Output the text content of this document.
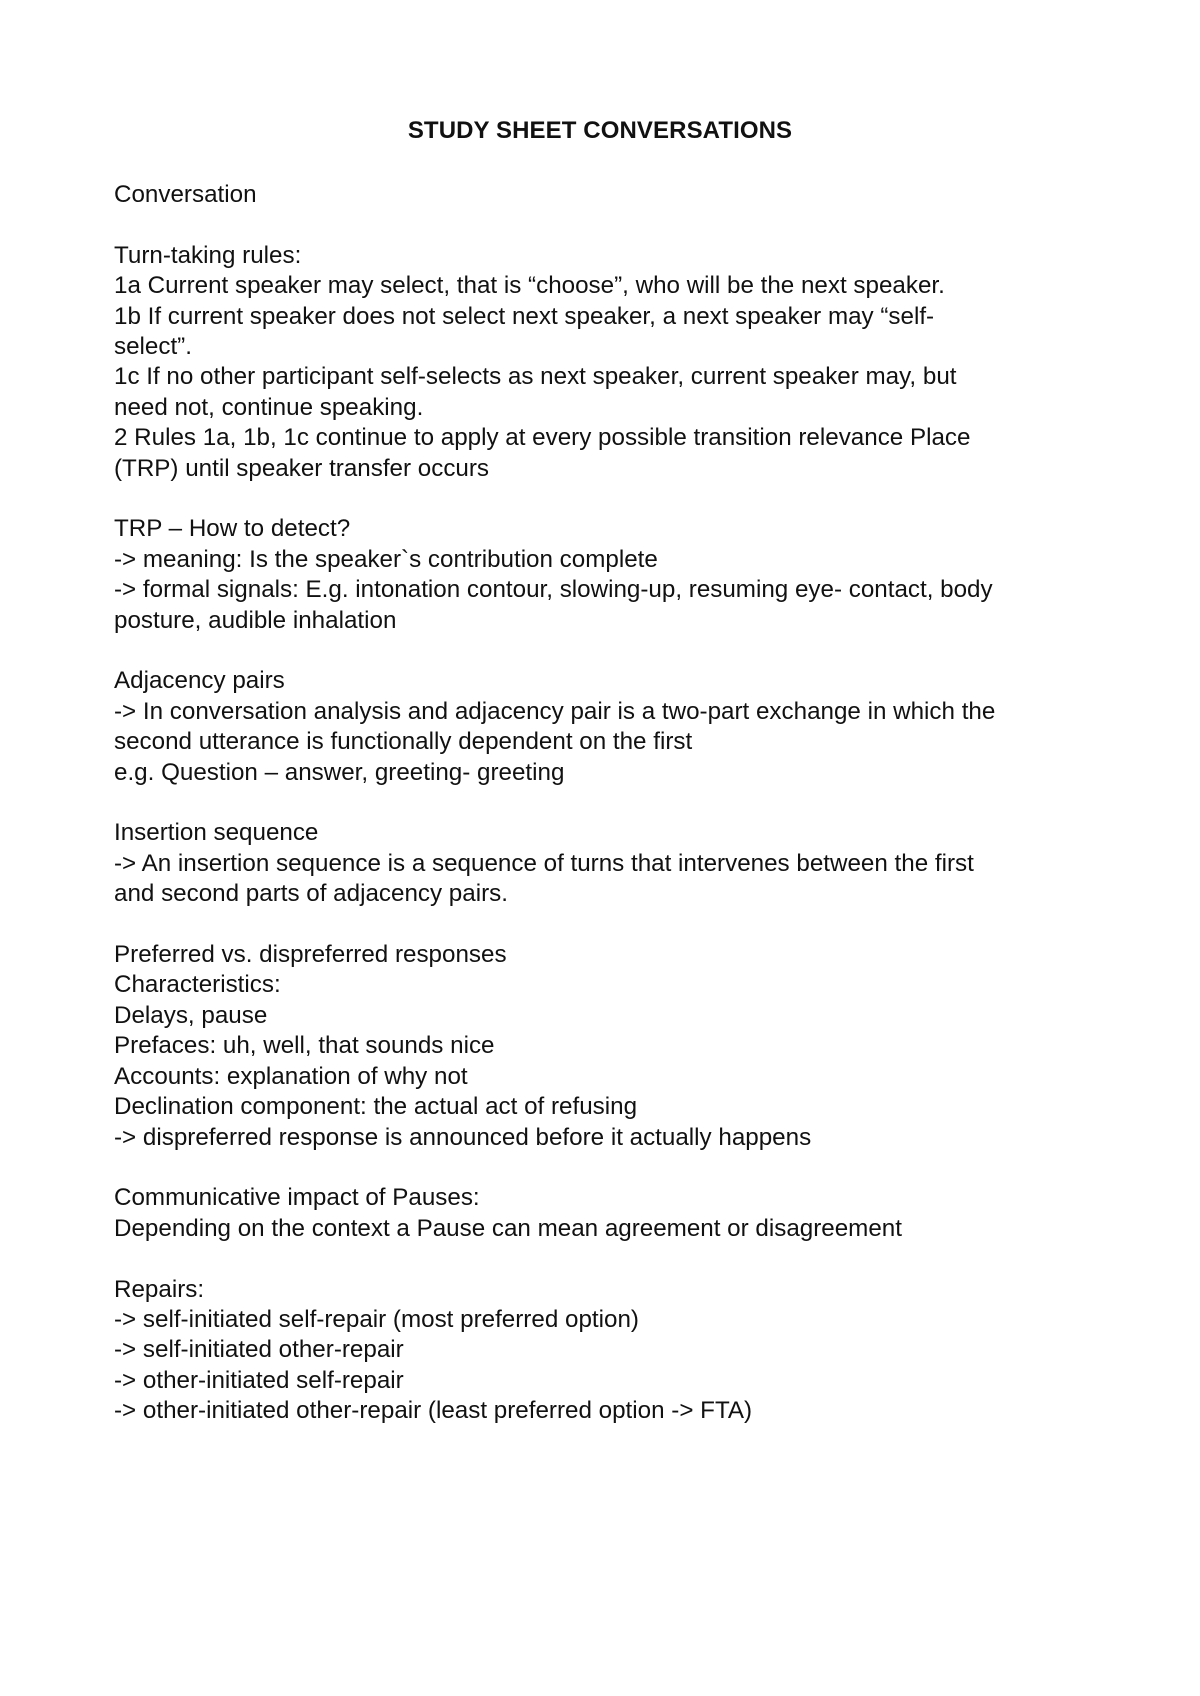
STUDY SHEET CONVERSATIONS
Conversation
Turn-taking rules:
1a Current speaker may select, that is “choose”, who will be the next speaker.
1b If current speaker does not select next speaker, a next speaker may “self-
select”.
1c If no other participant self-selects as next speaker, current speaker may, but
need not, continue speaking.
2 Rules 1a, 1b, 1c continue to apply at every possible transition relevance Place
(TRP) until speaker transfer occurs
TRP – How to detect?
-> meaning: Is the speaker`s contribution complete
-> formal signals: E.g. intonation contour, slowing-up, resuming eye- contact, body
posture, audible inhalation
Adjacency pairs
-> In conversation analysis and adjacency pair is a two-part exchange in which the
second utterance is functionally dependent on the first
e.g. Question – answer, greeting- greeting
Insertion sequence
-> An insertion sequence is a sequence of turns that intervenes between the first
and second parts of adjacency pairs.
Preferred vs. dispreferred responses
Characteristics:
Delays, pause
Prefaces: uh, well, that sounds nice
Accounts: explanation of why not
Declination component: the actual act of refusing
-> dispreferred response is announced before it actually happens
Communicative impact of Pauses:
Depending on the context a Pause can mean agreement or disagreement
Repairs:
-> self-initiated self-repair (most preferred option)
-> self-initiated other-repair
-> other-initiated self-repair
-> other-initiated other-repair (least preferred option -> FTA)
